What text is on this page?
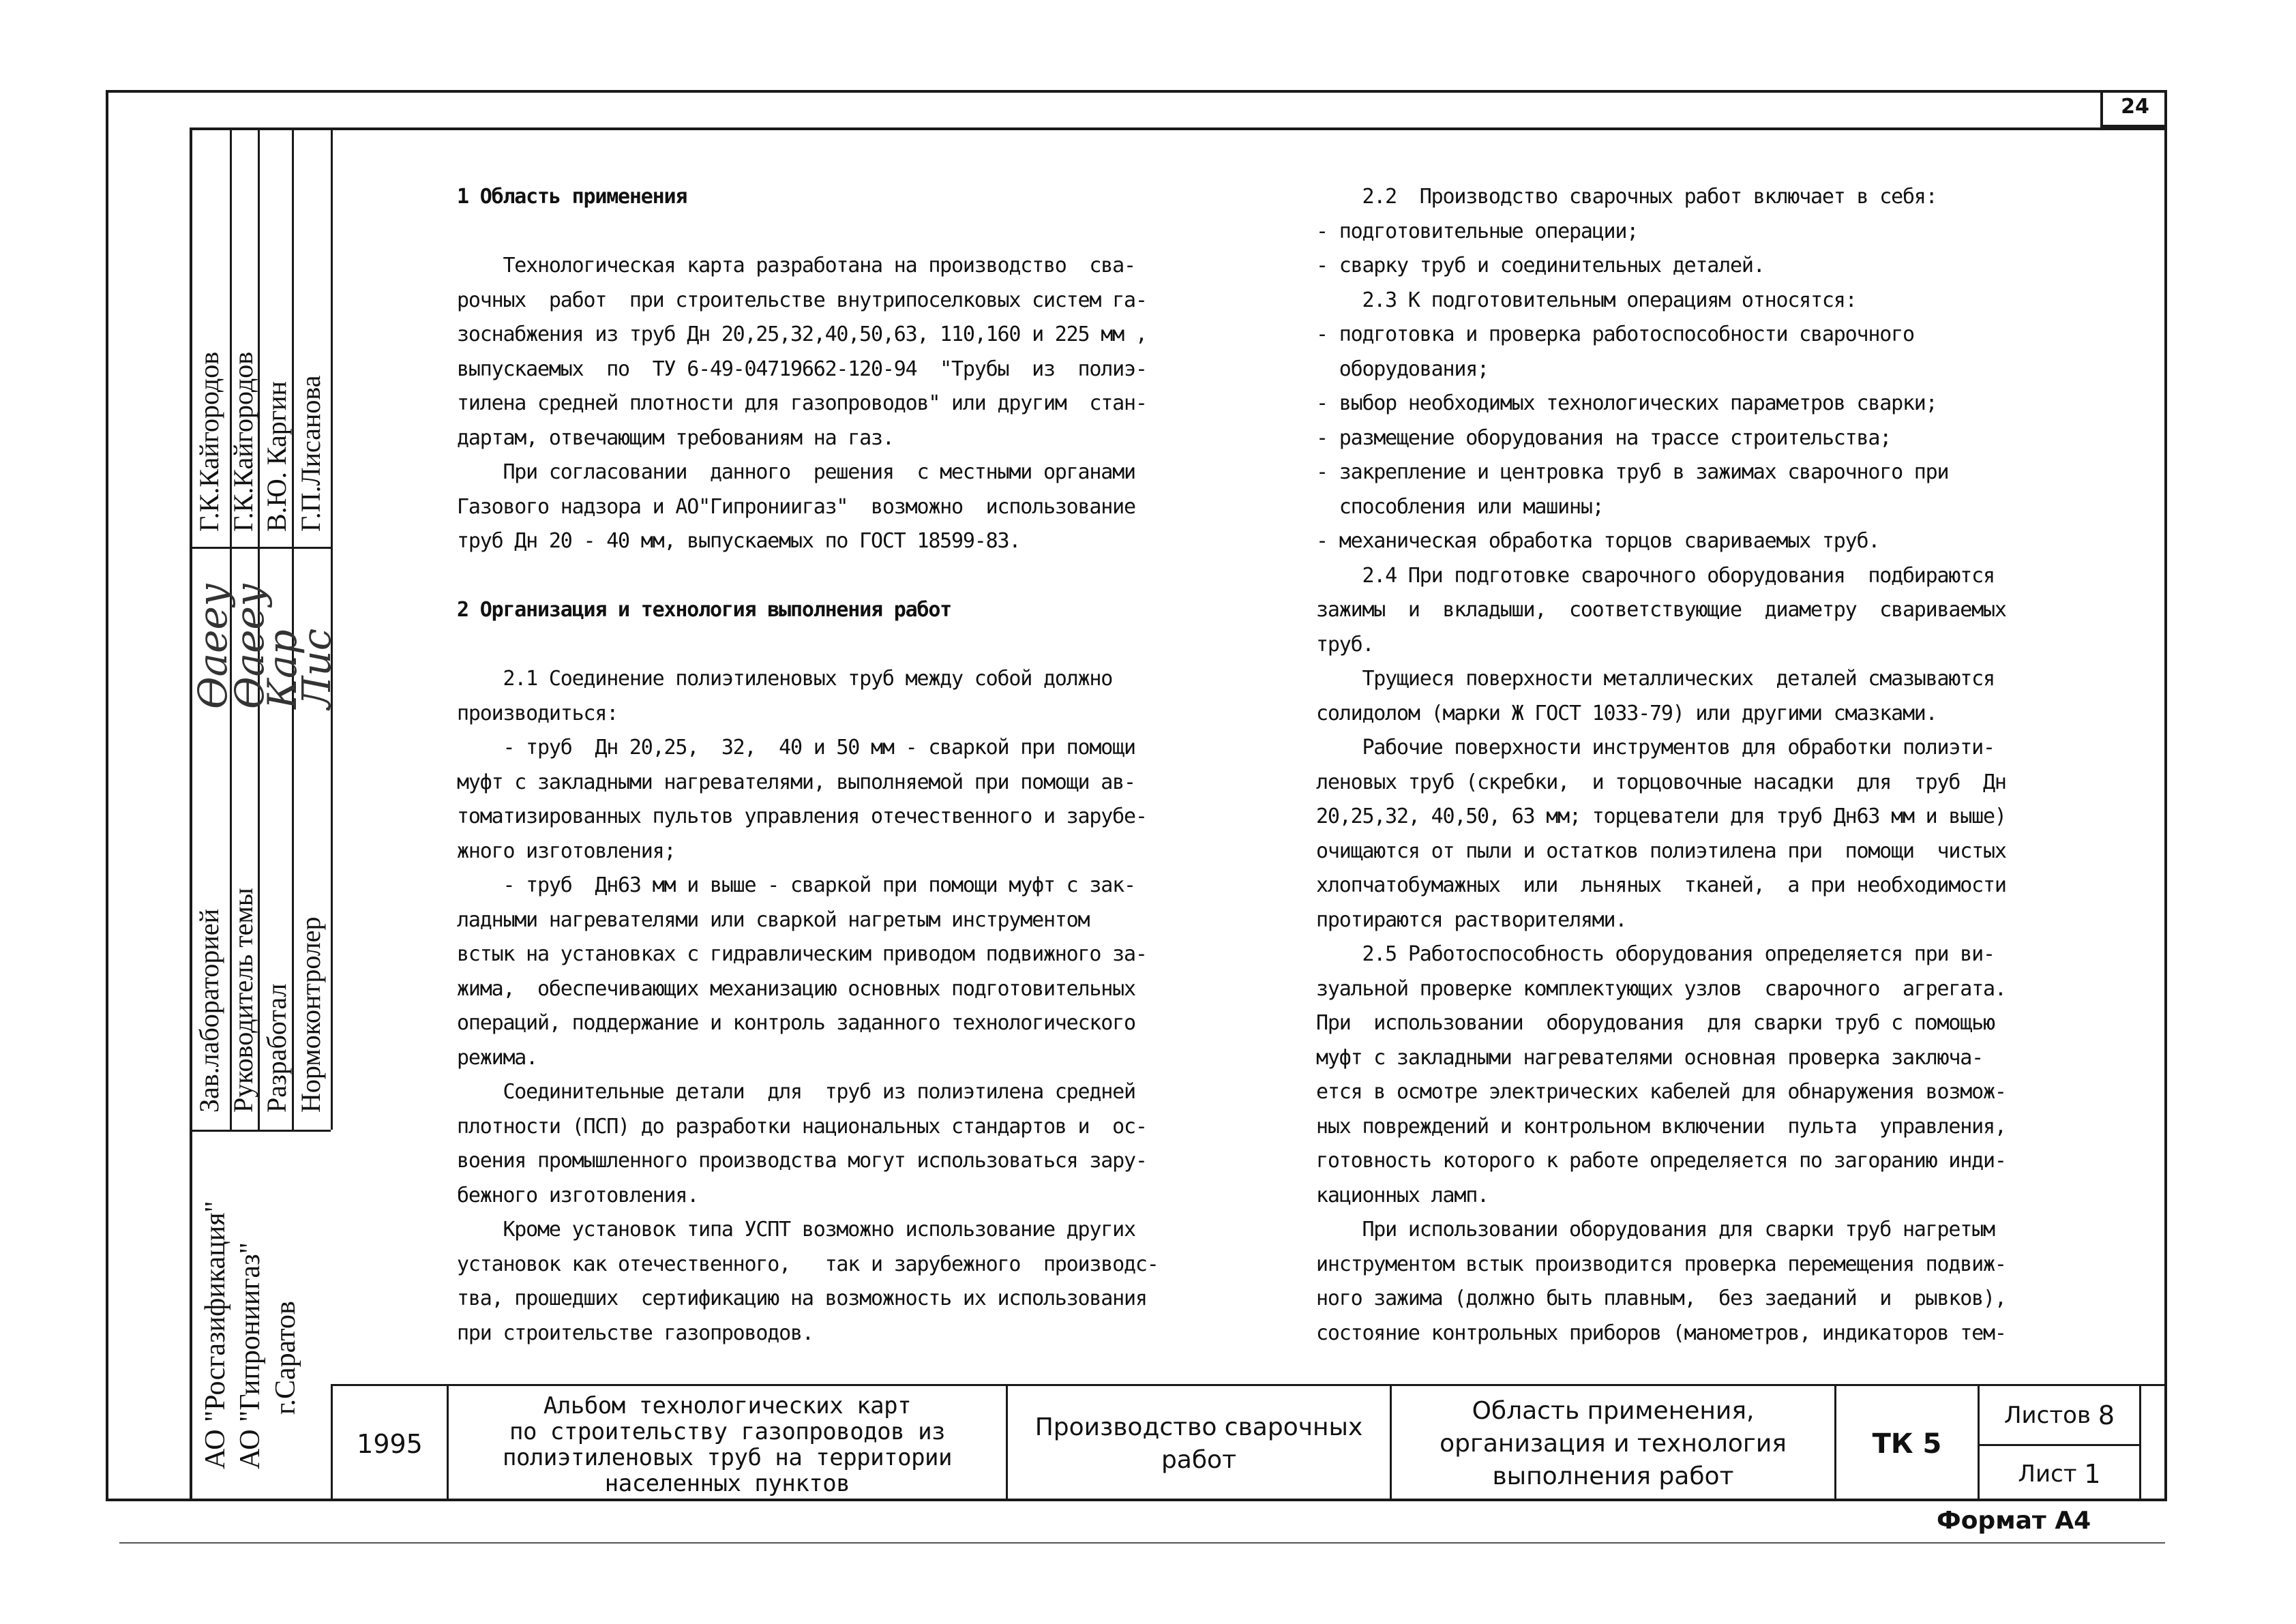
24
Г.К.Кайгородов Г.К.Кайгородов В.Ю. Каргин Г.П.Лисанова
Ѳаееу
Ѳаееу
Кар
Лис
Зав.лабораторией Руководитель темы Разработал Нормоконтролер
АО "Росгазификация" АО "Гипрониигаз" г.Саратов

1 Область применения

Технологическая карта разработана на производство  сва-

рочных  работ  при строительстве внутрипоселковых систем га-

зоснабжения из труб Дн 20,25,32,40,50,63, 110,160 и 225 мм ,

выпускаемых  по  ТУ 6-49-04719662-120-94  "Трубы  из  полиэ-

тилена средней плотности для газопроводов" или другим  стан-

дартам, отвечающим требованиям на газ.

При согласовании  данного  решения  с местными органами

Газового надзора и АО"Гипрониигаз"  возможно  использование

труб Дн 20 - 40 мм, выпускаемых по ГОСТ 18599-83.

2 Организация и технология выполнения работ

2.1 Соединение полиэтиленовых труб между собой должно

производиться:

- труб  Дн 20,25,  32,  40 и 50 мм - сваркой при помощи

муфт с закладными нагревателями, выполняемой при помощи ав-

томатизированных пультов управления отечественного и зарубе-

жного изготовления;

- труб  Дн63 мм и выше - сваркой при помощи муфт с зак-

ладными нагревателями или сваркой нагретым инструментом

встык на установках с гидравлическим приводом подвижного за-

жима,  обеспечивающих механизацию основных подготовительных

операций, поддержание и контроль заданного технологического

режима.

Соединительные детали  для  труб из полиэтилена средней

плотности (ПСП) до разработки национальных стандартов и  ос-

воения промышленного производства могут использоваться зару-

бежного изготовления.

Кроме установок типа УСПТ возможно использование других

установок как отечественного,   так и зарубежного  производс-

тва, прошедших  сертификацию на возможность их использования

при строительстве газопроводов.

2.2  Производство сварочных работ включает в себя:

- подготовительные операции;

- сварку труб и соединительных деталей.

2.3 К подготовительным операциям относятся:

- подготовка и проверка работоспособности сварочного

оборудования;

- выбор необходимых технологических параметров сварки;

- размещение оборудования на трассе строительства;

- закрепление и центровка труб в зажимах сварочного при

способления или машины;

- механическая обработка торцов свариваемых труб.

2.4 При подготовке сварочного оборудования  подбираются

зажимы  и  вкладыши,  соответствующие  диаметру  свариваемых

труб.

Трущиеся поверхности металлических  деталей смазываются

солидолом (марки Ж ГОСТ 1033-79) или другими смазками.

Рабочие поверхности инструментов для обработки полиэти-

леновых труб (скребки,  и торцовочные насадки  для  труб  Дн

20,25,32, 40,50, 63 мм; торцеватели для труб Дн63 мм и выше)

очищаются от пыли и остатков полиэтилена при  помощи  чистых

хлопчатобумажных  или  льняных  тканей,  а при необходимости

протираются растворителями.

2.5 Работоспособность оборудования определяется при ви-

зуальной проверке комплектующих узлов  сварочного  агрегата.

При  использовании  оборудования  для сварки труб с помощью

муфт с закладными нагревателями основная проверка заключа-

ется в осмотре электрических кабелей для обнаружения возмож-

ных повреждений и контрольном включении  пульта  управления,

готовность которого к работе определяется по загоранию инди-

кационных ламп.

При использовании оборудования для сварки труб нагретым

инструментом встык производится проверка перемещения подвиж-

ного зажима (должно быть плавным,  без заеданий  и  рывков),

состояние контрольных приборов (манометров, индикаторов тем-

1995
Альбом технологических карт
по строительству газопроводов из
полиэтиленовых труб на территории
населенных пунктов
Производство сварочных
работ
Область применения,
организация и технология
выполнения работ
ТК 5
Листов
8
Лист
1
Формат А4
